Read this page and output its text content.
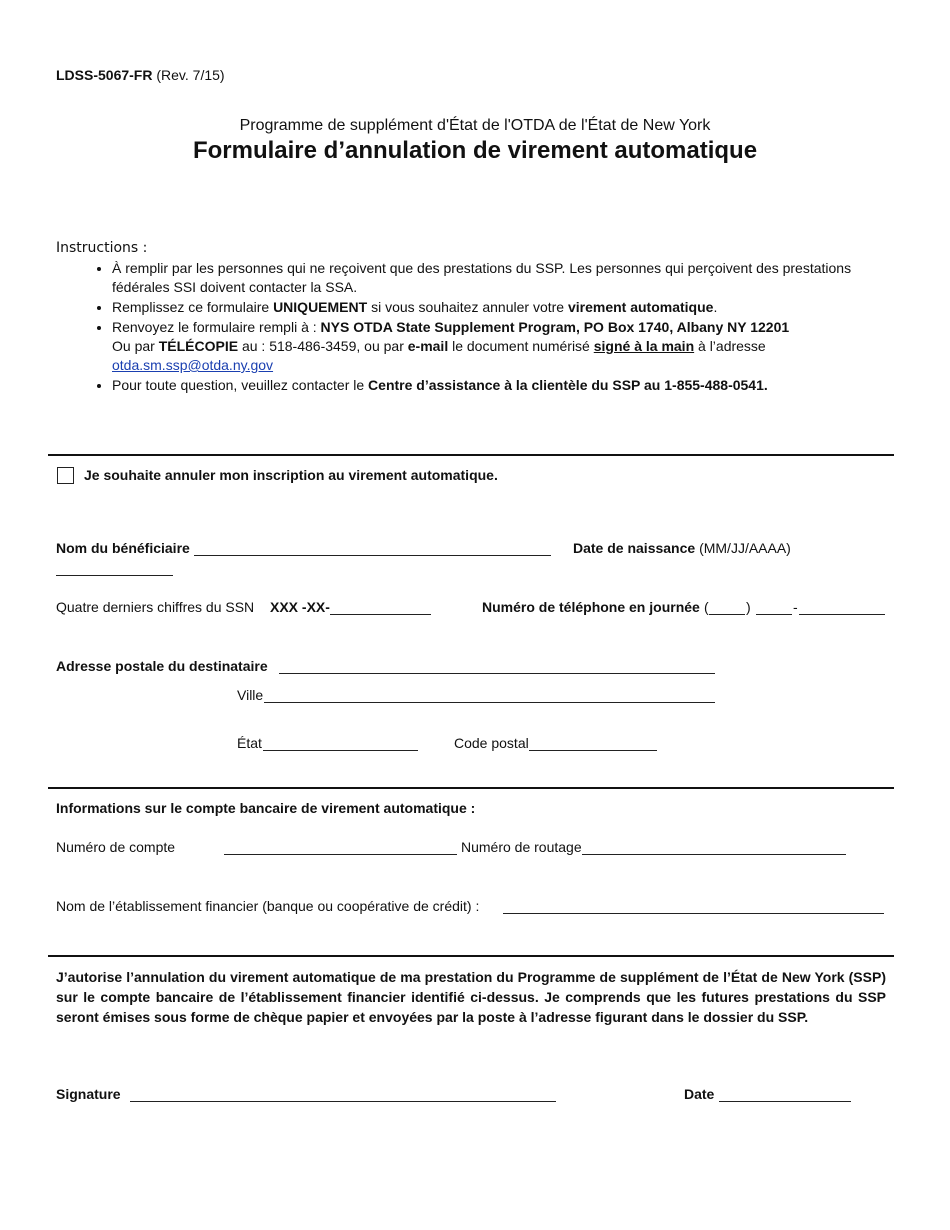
LDSS-5067-FR (Rev. 7/15)
Programme de supplément d'État de l'OTDA de l'État de New York
Formulaire d’annulation de virement automatique
Instructions :
• À remplir par les personnes qui ne reçoivent que des prestations du SSP. Les personnes qui perçoivent des prestations fédérales SSI doivent contacter la SSA.
• Remplissez ce formulaire UNIQUEMENT si vous souhaitez annuler votre virement automatique.
• Renvoyez le formulaire rempli à : NYS OTDA State Supplement Program, PO Box 1740, Albany NY 12201
Ou par TÉLÉCOPIE au : 518-486-3459, ou par e-mail le document numérisé signé à la main à l’adresse
otda.sm.ssp@otda.ny.gov
• Pour toute question, veuillez contacter le Centre d’assistance à la clientèle du SSP au 1-855-488-0541.
Je souhaite annuler mon inscription au virement automatique.
Nom du bénéficiaire	Date de naissance (MM/JJ/AAAA)
Quatre derniers chiffres du SSN XXX -XX-	Numéro de téléphone en journée (	)	-
Adresse postale du destinataire
Ville
État	Code postal
Informations sur le compte bancaire de virement automatique :
Numéro de compte	Numéro de routage
Nom de l’établissement financier (banque ou coopérative de crédit) :
J’autorise l’annulation du virement automatique de ma prestation du Programme de supplément de l’État de New York (SSP) sur le compte bancaire de l’établissement financier identifié ci-dessus. Je comprends que les futures prestations du SSP seront émises sous forme de chèque papier et envoyées par la poste à l’adresse figurant dans le dossier du SSP.
Signature	Date
